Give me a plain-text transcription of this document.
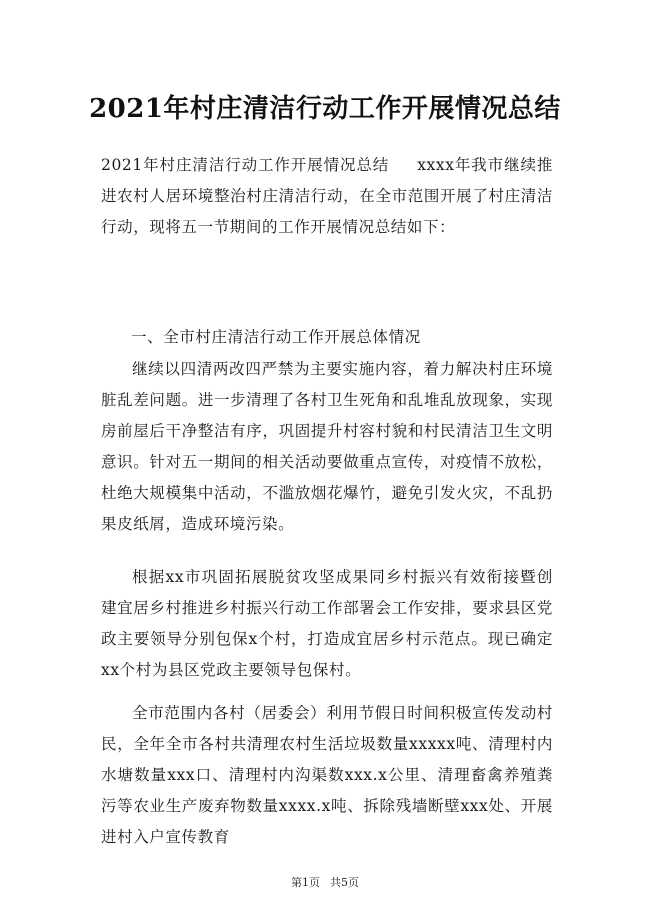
2021年村庄清洁行动工作开展情况总结

2021年村庄清洁行动工作开展情况总结 xxxx年我市继续推进农村人居环境整治村庄清洁行动，在全市范围开展了村庄清洁行动，现将五一节期间的工作开展情况总结如下：

一、全市村庄清洁行动工作开展总体情况

继续以四清两改四严禁为主要实施内容，着力解决村庄环境脏乱差问题。进一步清理了各村卫生死角和乱堆乱放现象，实现房前屋后干净整洁有序，巩固提升村容村貌和村民清洁卫生文明意识。针对五一期间的相关活动要做重点宣传，对疫情不放松，杜绝大规模集中活动，不滥放烟花爆竹，避免引发火灾，不乱扔果皮纸屑，造成环境污染。

根据xx市巩固拓展脱贫攻坚成果同乡村振兴有效衔接暨创建宜居乡村推进乡村振兴行动工作部署会工作安排，要求县区党政主要领导分别包保x个村，打造成宜居乡村示范点。现已确定xx个村为县区党政主要领导包保村。

全市范围内各村（居委会）利用节假日时间积极宣传发动村民，全年全市各村共清理农村生活垃圾数量xxxxx吨、清理村内水塘数量xxx口、清理村内沟渠数xxx.x公里、清理畜禽养殖粪污等农业生产废弃物数量xxxx.x吨、拆除残墙断壁xxx处、开展进村入户宣传教育

第1页 共5页
